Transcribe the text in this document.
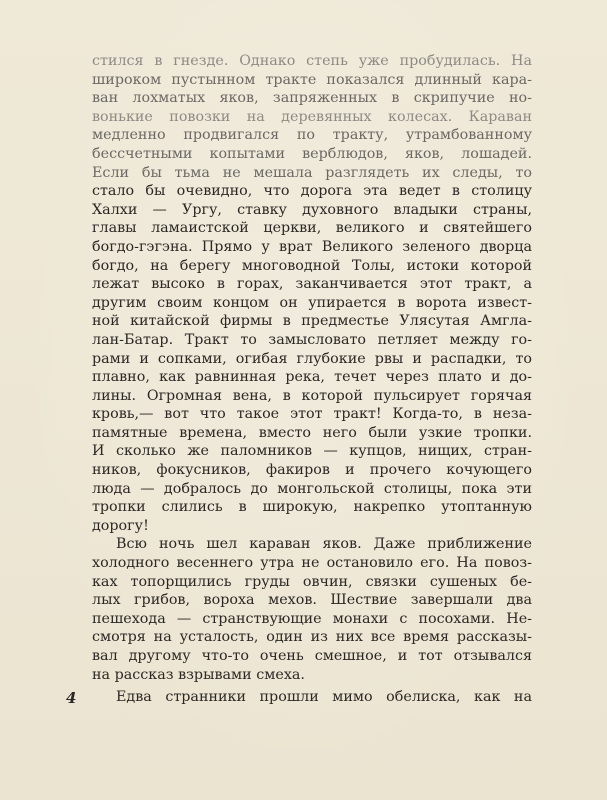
стился в гнезде. Однако степь уже пробудилась. На
широком пустынном тракте показался длинный кара-
ван лохматых яков, запряженных в скрипучие но-
вонькие повозки на деревянных колесах. Караван
медленно продвигался по тракту, утрамбованному
бессчетными копытами верблюдов, яков, лошадей.
Если бы тьма не мешала разглядеть их следы, то
стало бы очевидно, что дорога эта ведет в столицу
Халхи — Ургу, ставку духовного владыки страны,
главы ламаистской церкви, великого и святейшего
богдо-гэгэна. Прямо у врат Великого зеленого дворца
богдо, на берегу многоводной Толы, истоки которой
лежат высоко в горах, заканчивается этот тракт, а
другим своим концом он упирается в ворота извест-
ной китайской фирмы в предместье Улясутая Амгла-
лан-Батар. Тракт то замысловато петляет между го-
рами и сопками, огибая глубокие рвы и распадки, то
плавно, как равнинная река, течет через плато и до-
лины. Огромная вена, в которой пульсирует горячая
кровь,— вот что такое этот тракт! Когда-то, в незa-
памятные времена, вместо него были узкие тропки.
И сколько же паломников — купцов, нищих, стран-
ников, фокусников, факиров и прочего кочующего
люда — добралось до монгольской столицы, пока эти
тропки слились в широкую, накрепко утоптанную
дорогу!
Всю ночь шел караван яков. Даже приближение
холодного весеннего утра не остановило его. На повоз-
ках топорщились груды овчин, связки сушеных бе-
лых грибов, вороха мехов. Шествие завершали два
пешехода — странствующие монахи с посохами. Не-
смотря на усталость, один из них все время рассказы-
вал другому что-то очень смешное, и тот отзывался
на рассказ взрывами смеха.
4	Едва странники прошли мимо обелиска, как на
